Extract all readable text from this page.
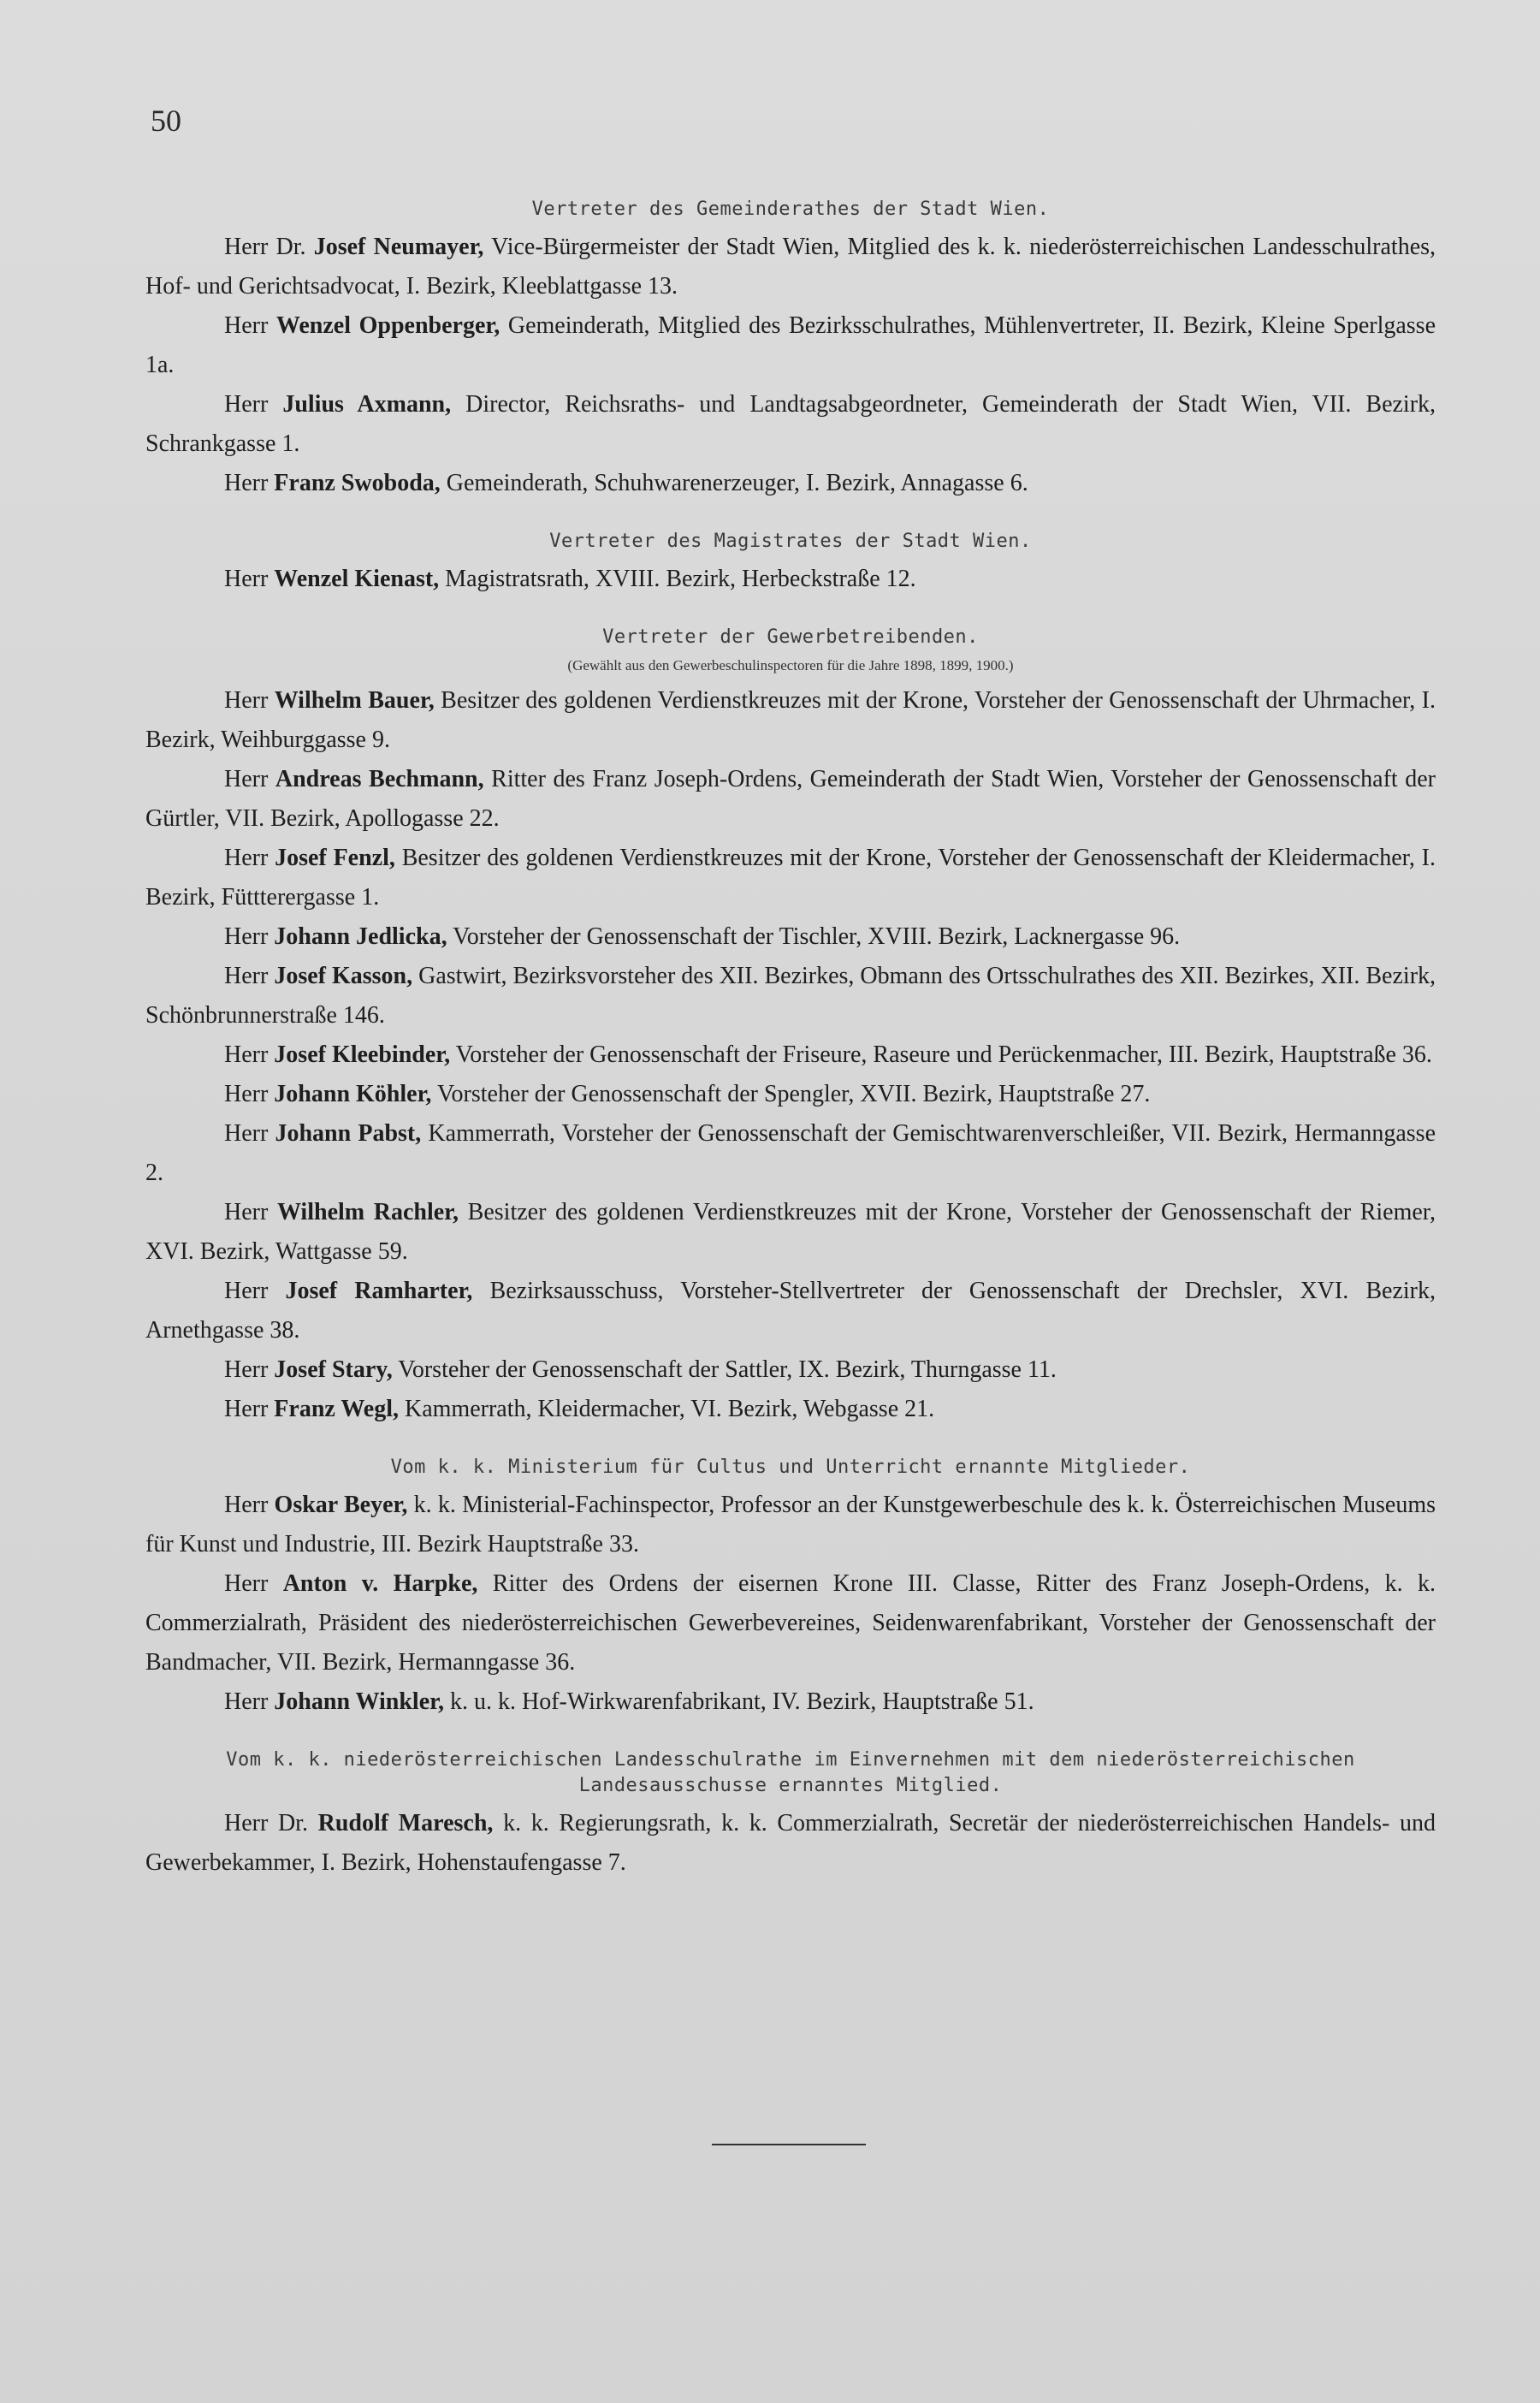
50
Vertreter des Gemeinderathes der Stadt Wien.

Herr Dr. Josef Neumayer, Vice-Bürgermeister der Stadt Wien, Mitglied des k. k. niederösterreichischen Landesschulrathes, Hof- und Gerichtsadvocat, I. Bezirk, Kleeblattgasse 13.

Herr Wenzel Oppenberger, Gemeinderath, Mitglied des Bezirksschulrathes, Mühlenvertreter, II. Bezirk, Kleine Sperlgasse 1a.

Herr Julius Axmann, Director, Reichsraths- und Landtagsabgeordneter, Gemeinderath der Stadt Wien, VII. Bezirk, Schrankgasse 1.

Herr Franz Swoboda, Gemeinderath, Schuhwarenerzeuger, I. Bezirk, Annagasse 6.

Vertreter des Magistrates der Stadt Wien.

Herr Wenzel Kienast, Magistratsrath, XVIII. Bezirk, Herbeckstraße 12.

Vertreter der Gewerbetreibenden.
(Gewählt aus den Gewerbeschulinspectoren für die Jahre 1898, 1899, 1900.)

Herr Wilhelm Bauer, Besitzer des goldenen Verdienstkreuzes mit der Krone, Vorsteher der Genossenschaft der Uhrmacher, I. Bezirk, Weihburggasse 9.

Herr Andreas Bechmann, Ritter des Franz Joseph-Ordens, Gemeinderath der Stadt Wien, Vorsteher der Genossenschaft der Gürtler, VII. Bezirk, Apollogasse 22.

Herr Josef Fenzl, Besitzer des goldenen Verdienstkreuzes mit der Krone, Vorsteher der Genossenschaft der Kleidermacher, I. Bezirk, Füttterergasse 1.

Herr Johann Jedlicka, Vorsteher der Genossenschaft der Tischler, XVIII. Bezirk, Lacknergasse 96.

Herr Josef Kasson, Gastwirt, Bezirksvorsteher des XII. Bezirkes, Obmann des Ortsschulrathes des XII. Bezirkes, XII. Bezirk, Schönbrunnerstraße 146.

Herr Josef Kleebinder, Vorsteher der Genossenschaft der Friseure, Raseure und Perückenmacher, III. Bezirk, Hauptstraße 36.

Herr Johann Köhler, Vorsteher der Genossenschaft der Spengler, XVII. Bezirk, Hauptstraße 27.

Herr Johann Pabst, Kammerrath, Vorsteher der Genossenschaft der Gemischtwarenverschleißer, VII. Bezirk, Hermanngasse 2.

Herr Wilhelm Rachler, Besitzer des goldenen Verdienstkreuzes mit der Krone, Vorsteher der Genossenschaft der Riemer, XVI. Bezirk, Wattgasse 59.

Herr Josef Ramharter, Bezirksausschuss, Vorsteher-Stellvertreter der Genossenschaft der Drechsler, XVI. Bezirk, Arnethgasse 38.

Herr Josef Stary, Vorsteher der Genossenschaft der Sattler, IX. Bezirk, Thurngasse 11.

Herr Franz Wegl, Kammerrath, Kleidermacher, VI. Bezirk, Webgasse 21.

Vom k. k. Ministerium für Cultus und Unterricht ernannte Mitglieder.

Herr Oskar Beyer, k. k. Ministerial-Fachinspector, Professor an der Kunstgewerbeschule des k. k. Österreichischen Museums für Kunst und Industrie, III. Bezirk Hauptstraße 33.

Herr Anton v. Harpke, Ritter des Ordens der eisernen Krone III. Classe, Ritter des Franz Joseph-Ordens, k. k. Commerzialrath, Präsident des niederösterreichischen Gewerbevereines, Seidenwarenfabrikant, Vorsteher der Genossenschaft der Bandmacher, VII. Bezirk, Hermanngasse 36.

Herr Johann Winkler, k. u. k. Hof-Wirkwarenfabrikant, IV. Bezirk, Hauptstraße 51.

Vom k. k. niederösterreichischen Landesschulrathe im Einvernehmen mit dem niederösterreichischen Landesausschusse ernanntes Mitglied.

Herr Dr. Rudolf Maresch, k. k. Regierungsrath, k. k. Commerzialrath, Secretär der niederösterreichischen Handels- und Gewerbekammer, I. Bezirk, Hohenstaufengasse 7.
